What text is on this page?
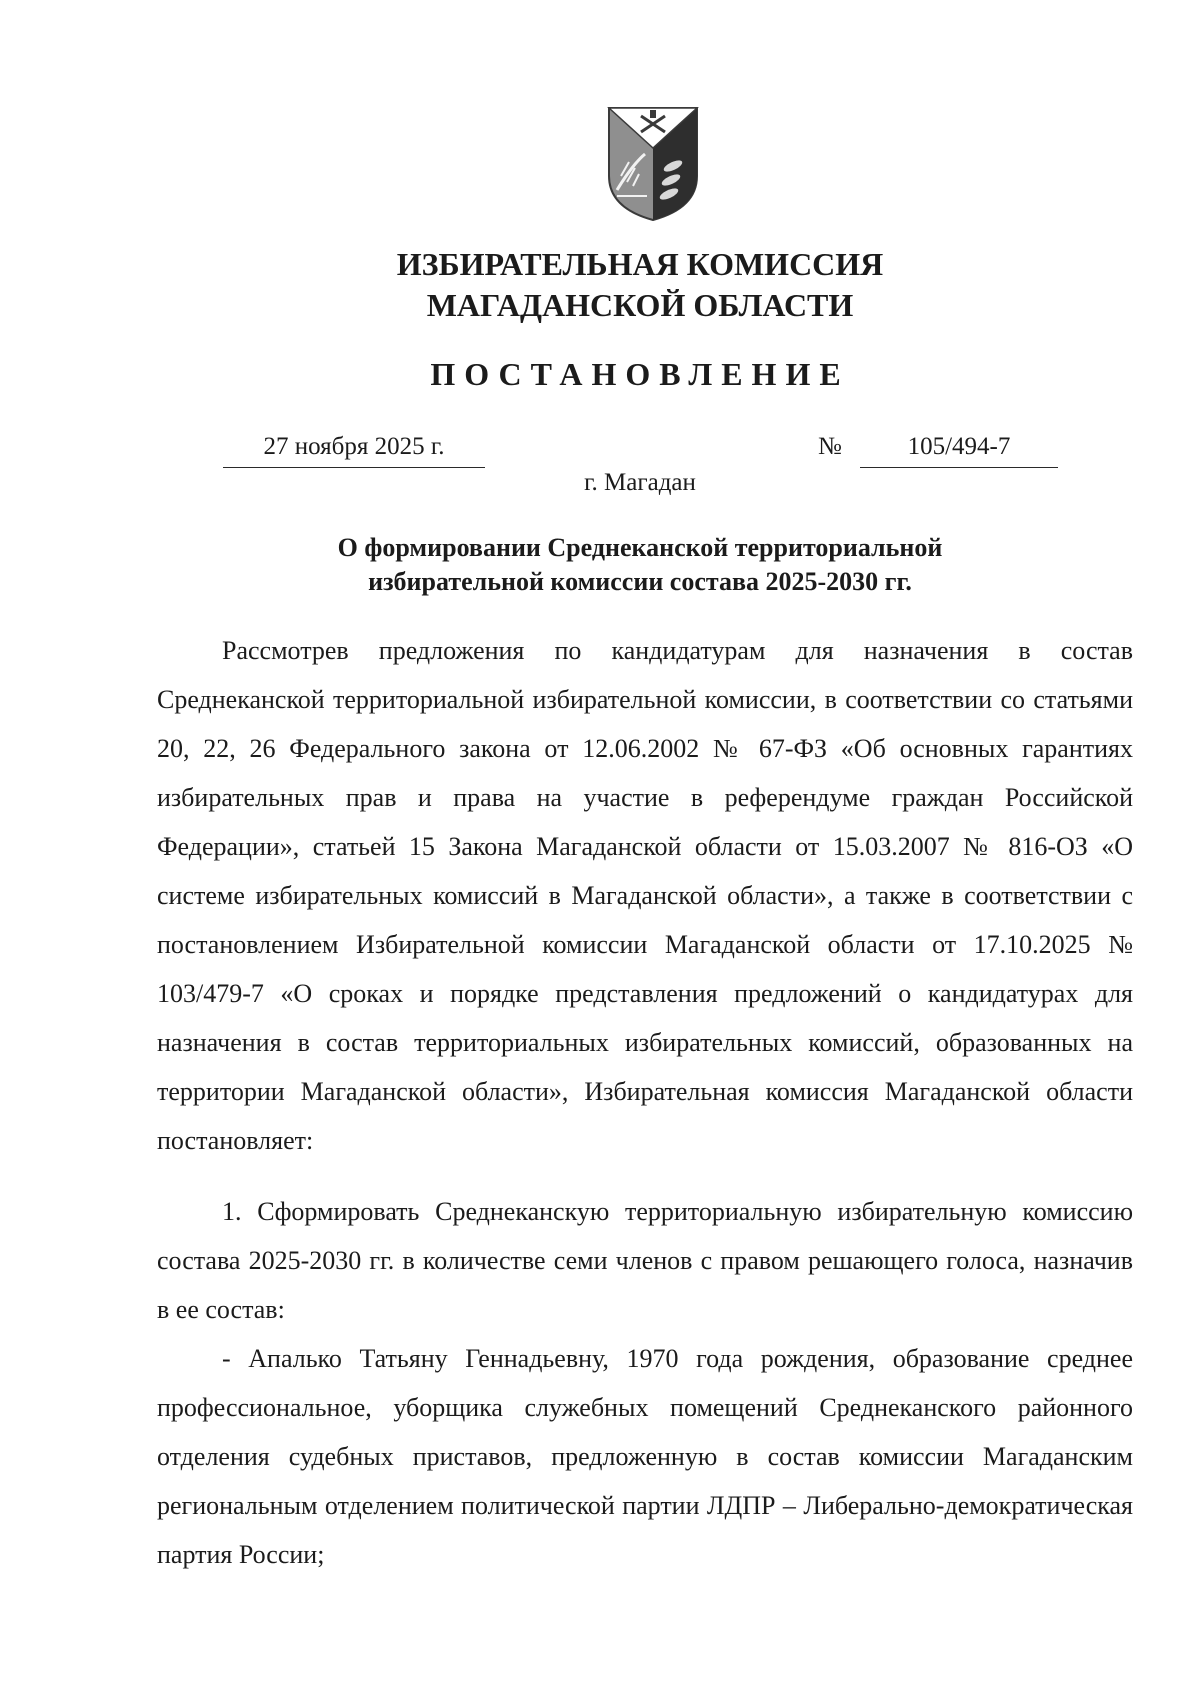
ИЗБИРАТЕЛЬНАЯ КОМИССИЯ
МАГАДАНСКОЙ ОБЛАСТИ
ПОСТАНОВЛЕНИЕ
27 ноября 2025 г.	№	105/494-7
г. Магадан
О формировании Среднеканской территориальной
избирательной комиссии состава 2025-2030 гг.

Рассмотрев предложения по кандидатурам для назначения в состав Среднеканской территориальной избирательной комиссии, в соответствии со статьями 20, 22, 26 Федерального закона от 12.06.2002 № 67-ФЗ «Об основных гарантиях избирательных прав и права на участие в референдуме граждан Российской Федерации», статьей 15 Закона Магаданской области от 15.03.2007 № 816-ОЗ «О системе избирательных комиссий в Магаданской области», а также в соответствии с постановлением Избирательной комиссии Магаданской области от 17.10.2025 № 103/479-7 «О сроках и порядке представления предложений о кандидатурах для назначения в состав территориальных избирательных комиссий, образованных на территории Магаданской области», Избирательная комиссия Магаданской области постановляет:

1. Сформировать Среднеканскую территориальную избирательную комиссию состава 2025-2030 гг. в количестве семи членов с правом решающего голоса, назначив в ее состав:

- Апалько Татьяну Геннадьевну, 1970 года рождения, образование среднее профессиональное, уборщика служебных помещений Среднеканского районного отделения судебных приставов, предложенную в состав комиссии Магаданским региональным отделением политической партии ЛДПР – Либерально-демократическая партия России;
